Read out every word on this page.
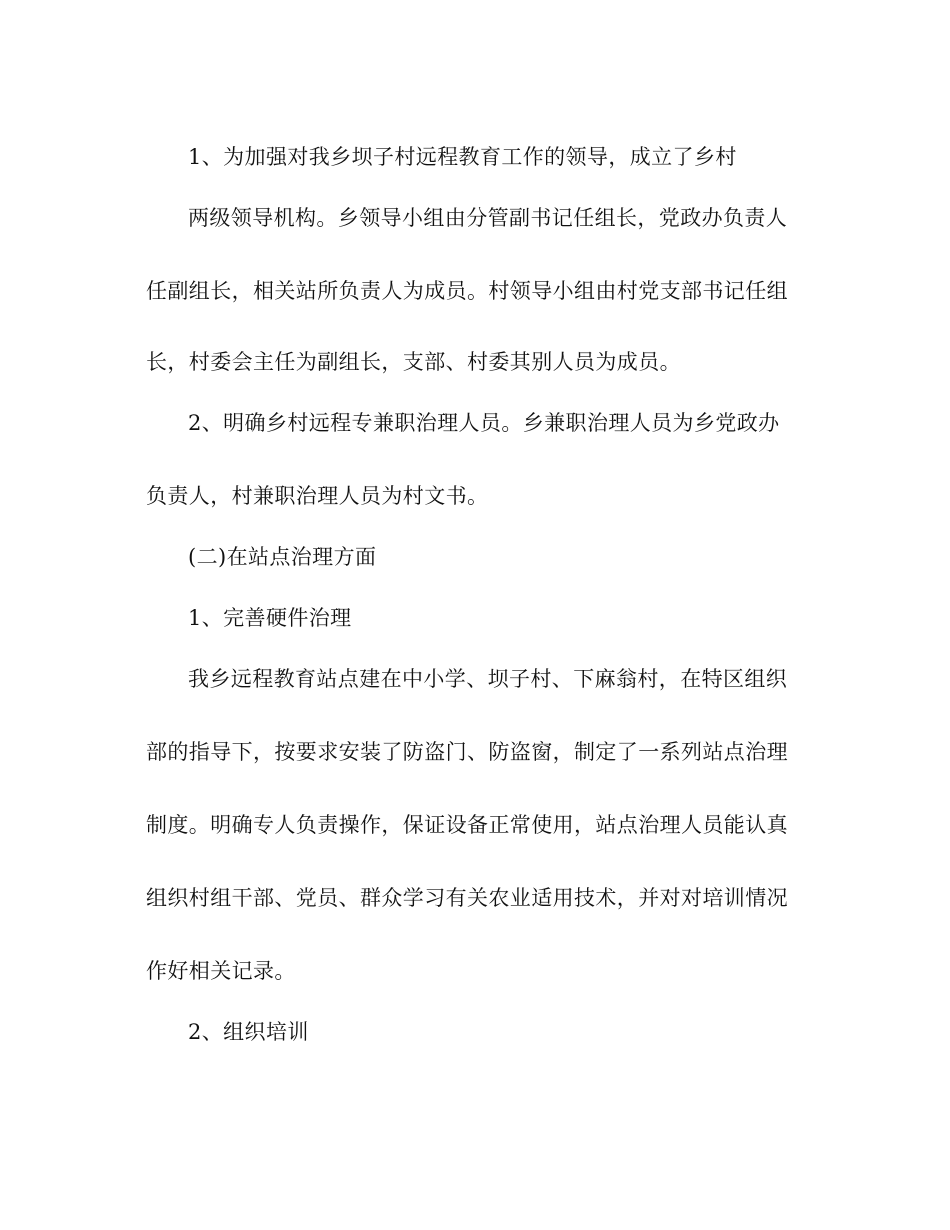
1、为加强对我乡坝子村远程教育工作的领导，成立了乡村
两级领导机构。乡领导小组由分管副书记任组长，党政办负责人
任副组长，相关站所负责人为成员。村领导小组由村党支部书记任组
长，村委会主任为副组长，支部、村委其别人员为成员。
2、明确乡村远程专兼职治理人员。乡兼职治理人员为乡党政办
负责人，村兼职治理人员为村文书。
(二)在站点治理方面
1、完善硬件治理
我乡远程教育站点建在中小学、坝子村、下麻翁村，在特区组织
部的指导下，按要求安装了防盗门、防盗窗，制定了一系列站点治理
制度。明确专人负责操作，保证设备正常使用，站点治理人员能认真
组织村组干部、党员、群众学习有关农业适用技术，并对对培训情况
作好相关记录。
2、组织培训
